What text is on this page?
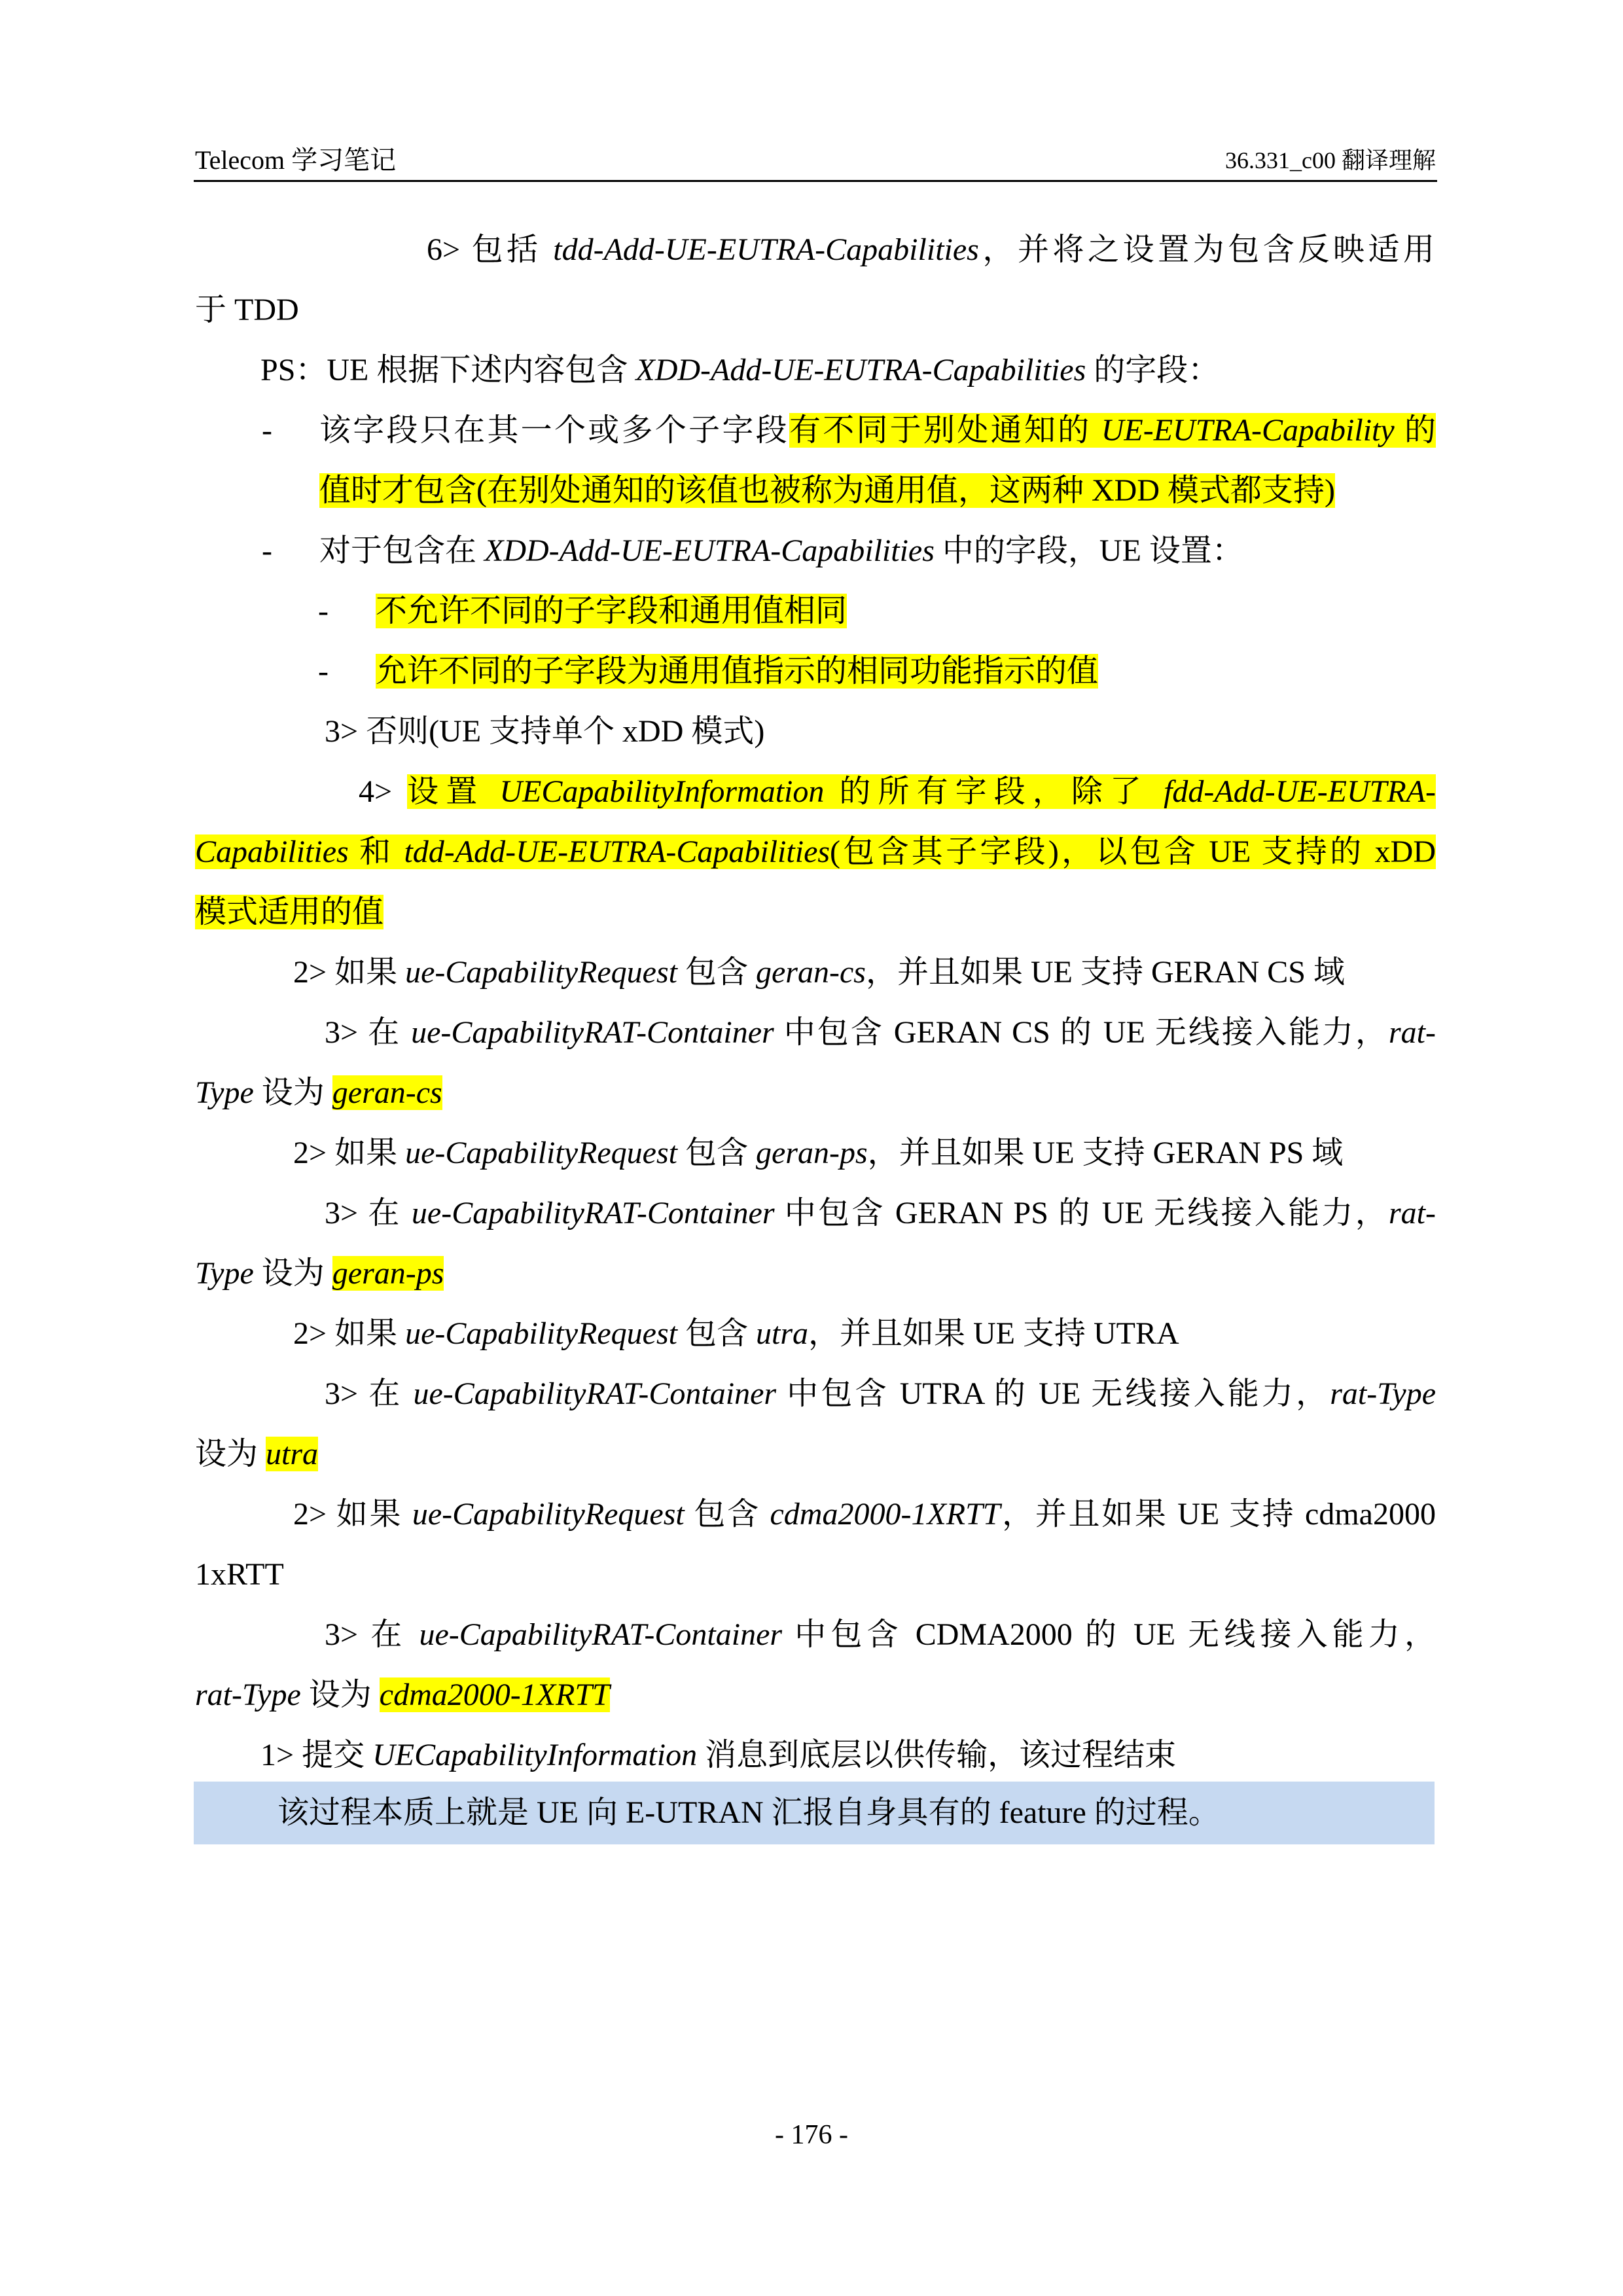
Telecom 学习笔记	36.331_c00 翻译理解
6> 包括 tdd-Add-UE-EUTRA-Capabilities，并将之设置为包含反映适用
于 TDD
PS：UE 根据下述内容包含 XDD-Add-UE-EUTRA-Capabilities 的字段：
- 该字段只在其一个或多个子字段有不同于别处通知的 UE-EUTRA-Capability 的
值时才包含(在别处通知的该值也被称为通用值，这两种 XDD 模式都支持)
- 对于包含在 XDD-Add-UE-EUTRA-Capabilities 中的字段，UE 设置：
- 不允许不同的子字段和通用值相同
- 允许不同的子字段为通用值指示的相同功能指示的值
3> 否则(UE 支持单个 xDD 模式)
4> 设置 UECapabilityInformation 的所有字段，除了 fdd-Add-UE-EUTRA-
Capabilities 和 tdd-Add-UE-EUTRA-Capabilities(包含其子字段)，以包含 UE 支持的 xDD
模式适用的值
2> 如果 ue-CapabilityRequest 包含 geran-cs，并且如果 UE 支持 GERAN CS 域
3> 在 ue-CapabilityRAT-Container 中包含 GERAN CS 的 UE 无线接入能力，rat-
Type 设为 geran-cs
2> 如果 ue-CapabilityRequest 包含 geran-ps，并且如果 UE 支持 GERAN PS 域
3> 在 ue-CapabilityRAT-Container 中包含 GERAN PS 的 UE 无线接入能力，rat-
Type 设为 geran-ps
2> 如果 ue-CapabilityRequest 包含 utra，并且如果 UE 支持 UTRA
3> 在 ue-CapabilityRAT-Container 中包含 UTRA 的 UE 无线接入能力，rat-Type
设为 utra
2> 如果 ue-CapabilityRequest 包含 cdma2000-1XRTT，并且如果 UE 支持 cdma2000
1xRTT
3> 在 ue-CapabilityRAT-Container 中包含 CDMA2000 的 UE 无线接入能力，
rat-Type 设为 cdma2000-1XRTT
1> 提交 UECapabilityInformation 消息到底层以供传输，该过程结束
该过程本质上就是 UE 向 E-UTRAN 汇报自身具有的 feature 的过程。
- 176 -
